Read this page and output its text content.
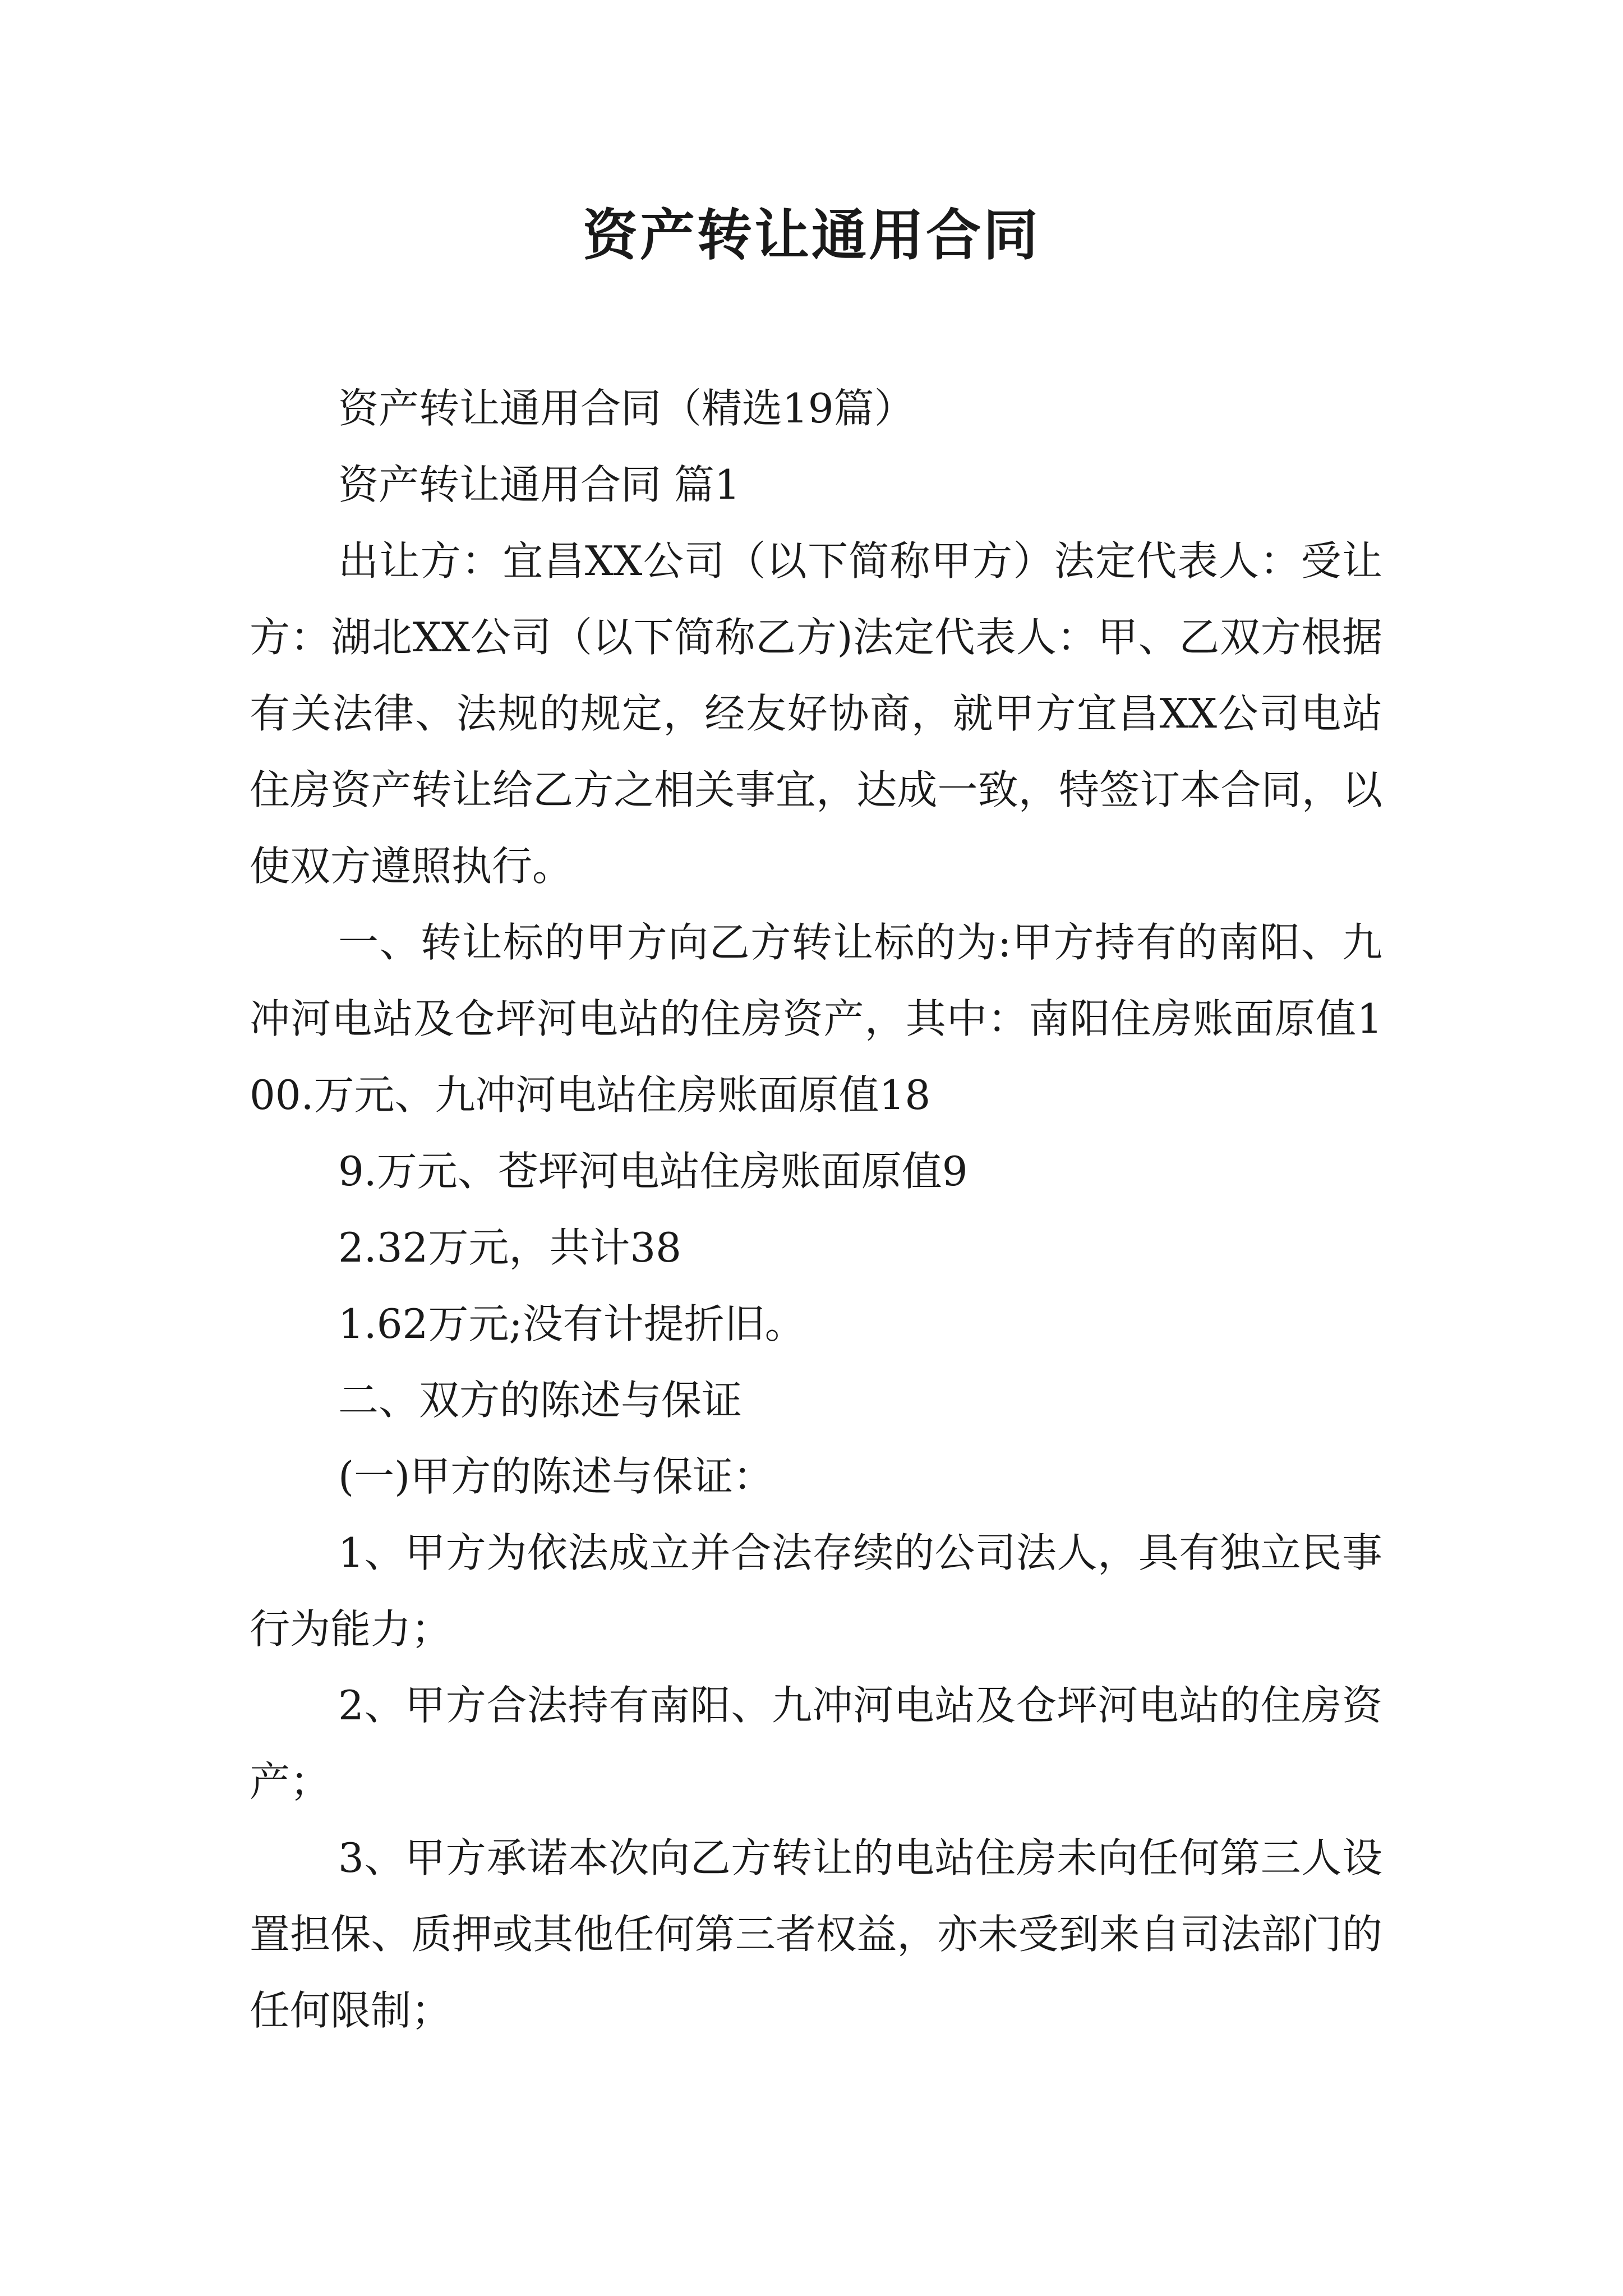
资产转让通用合同

资产转让通用合同（精选19篇）

资产转让通用合同 篇1

出让方：宜昌XX公司（以下简称甲方）法定代表人：受让方：湖北XX公司（以下简称乙方)法定代表人：甲、乙双方根据有关法律、法规的规定，经友好协商，就甲方宜昌XX公司电站住房资产转让给乙方之相关事宜，达成一致，特签订本合同，以使双方遵照执行。

一、转让标的甲方向乙方转让标的为:甲方持有的南阳、九冲河电站及仓坪河电站的住房资产，其中：南阳住房账面原值100.万元、九冲河电站住房账面原值18

9.万元、苍坪河电站住房账面原值9

2.32万元，共计38

1.62万元;没有计提折旧。

二、双方的陈述与保证

(一)甲方的陈述与保证：

1、甲方为依法成立并合法存续的公司法人，具有独立民事行为能力；

2、甲方合法持有南阳、九冲河电站及仓坪河电站的住房资产；

3、甲方承诺本次向乙方转让的电站住房未向任何第三人设置担保、质押或其他任何第三者权益，亦未受到来自司法部门的任何限制；
